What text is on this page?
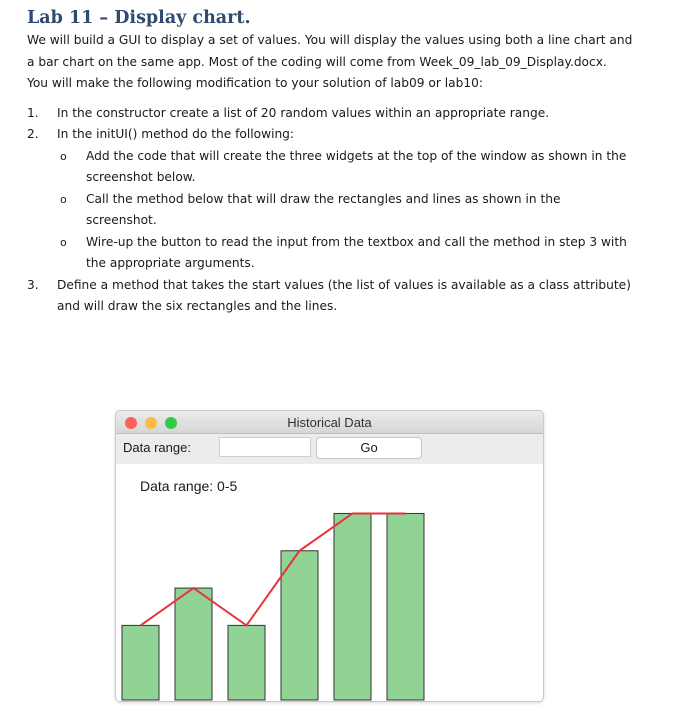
Lab 11 – Display chart.

We will build a GUI to display a set of values. You will display the values using both a line chart and

a bar chart on the same app. Most of the coding will come from Week_09_lab_09_Display.docx.

You will make the following modification to your solution of lab09 or lab10:

1. In the constructor create a list of 20 random values within an appropriate range.
2. In the initUI() method do the following:
o Add the code that will create the three widgets at the top of the window as shown in the
screenshot below.
o Call the method below that will draw the rectangles and lines as shown in the
screenshot.
o Wire-up the button to read the input from the textbox and call the method in step 3 with
the appropriate arguments.
3. Define a method that takes the start values (the list of values is available as a class attribute)
and will draw the six rectangles and the lines.
Historical Data
Data range:	Go
Data range: 0-5
